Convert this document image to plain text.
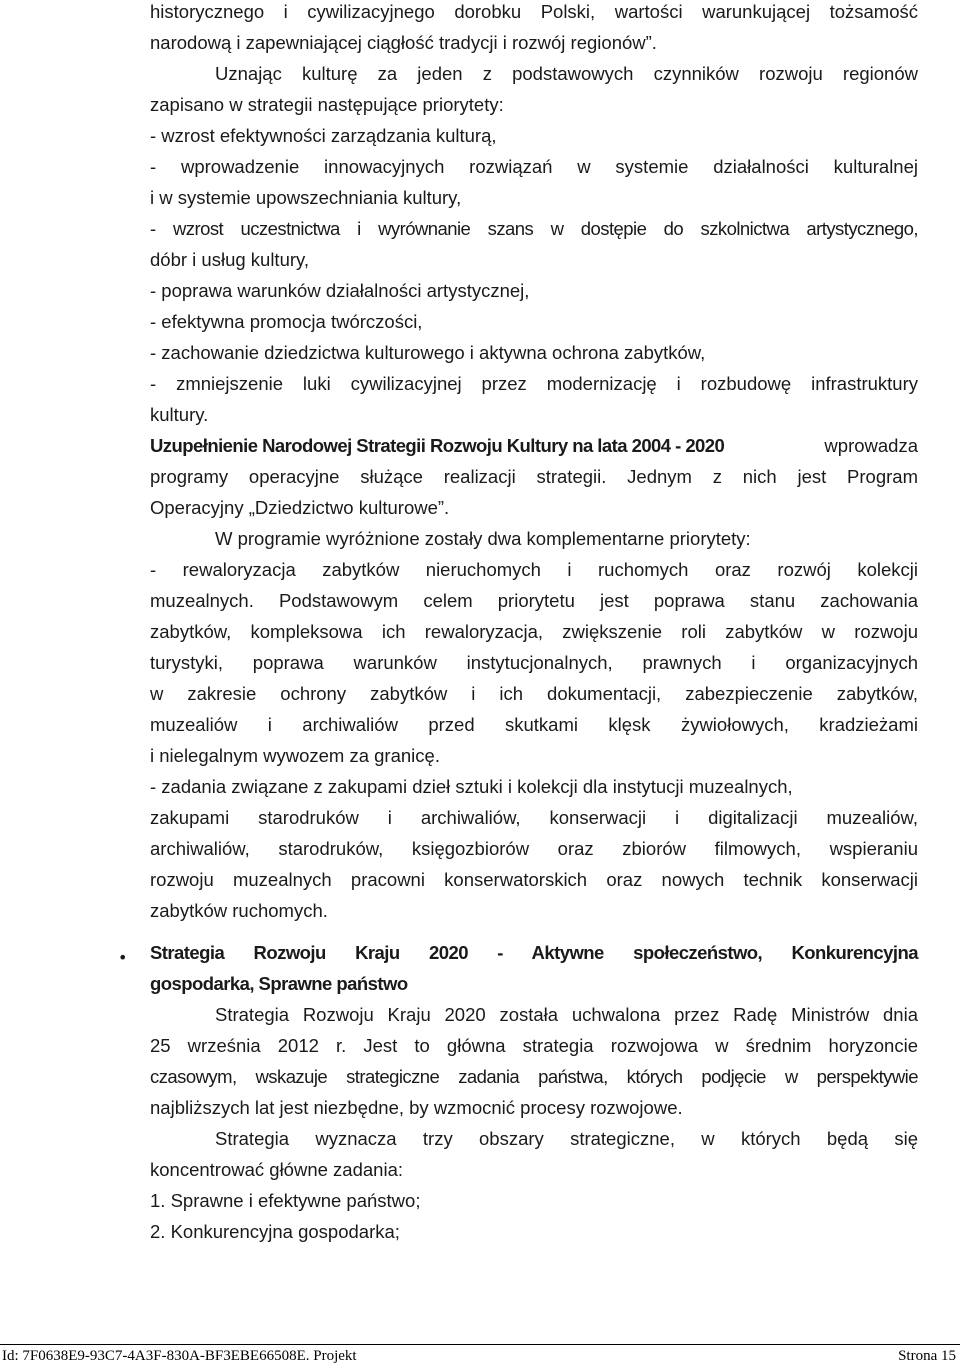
historycznego i cywilizacyjnego dorobku Polski, wartości warunkującej tożsamość
narodową i zapewniającej ciągłość tradycji i rozwój regionów”.
Uznając kulturę za jeden z podstawowych czynników rozwoju regionów
zapisano w strategii następujące priorytety:
- wzrost efektywności zarządzania kulturą,
- wprowadzenie innowacyjnych rozwiązań w systemie działalności kulturalnej
i w systemie upowszechniania kultury,
- wzrost uczestnictwa i wyrównanie szans w dostępie do szkolnictwa artystycznego,
dóbr i usług kultury,
- poprawa warunków działalności artystycznej,
- efektywna promocja twórczości,
- zachowanie dziedzictwa kulturowego i aktywna ochrona zabytków,
- zmniejszenie luki cywilizacyjnej przez modernizację i rozbudowę infrastruktury
kultury.
Uzupełnienie Narodowej Strategii Rozwoju Kultury na lata 2004 - 2020	wprowadza
programy operacyjne służące realizacji strategii. Jednym z nich jest Program
Operacyjny „Dziedzictwo kulturowe”.
W programie wyróżnione zostały dwa komplementarne priorytety:
- rewaloryzacja zabytków nieruchomych i ruchomych oraz rozwój kolekcji
muzealnych. Podstawowym celem priorytetu jest poprawa stanu zachowania
zabytków, kompleksowa ich rewaloryzacja, zwiększenie roli zabytków w rozwoju
turystyki, poprawa warunków instytucjonalnych, prawnych i organizacyjnych
w zakresie ochrony zabytków i ich dokumentacji, zabezpieczenie zabytków,
muzealiów i archiwaliów przed skutkami klęsk żywiołowych, kradzieżami
i nielegalnym wywozem za granicę.
- zadania związane z zakupami dzieł sztuki i kolekcji dla instytucji muzealnych,
zakupami starodruków i archiwaliów, konserwacji i digitalizacji muzealiów,
archiwaliów, starodruków, księgozbiorów oraz zbiorów filmowych, wspieraniu
rozwoju muzealnych pracowni konserwatorskich oraz nowych technik konserwacji
zabytków ruchomych.
Strategia Rozwoju Kraju 2020 - Aktywne społeczeństwo, Konkurencyjna
gospodarka, Sprawne państwo
Strategia Rozwoju Kraju 2020 została uchwalona przez Radę Ministrów dnia
25 września 2012 r. Jest to główna strategia rozwojowa w średnim horyzoncie
czasowym, wskazuje strategiczne zadania państwa, których podjęcie w perspektywie
najbliższych lat jest niezbędne, by wzmocnić procesy rozwojowe.
Strategia wyznacza trzy obszary strategiczne, w których będą się
koncentrować główne zadania:
1. Sprawne i efektywne państwo;
2. Konkurencyjna gospodarka;
•
Id: 7F0638E9-93C7-4A3F-830A-BF3EBE66508E. Projekt	Strona 15
